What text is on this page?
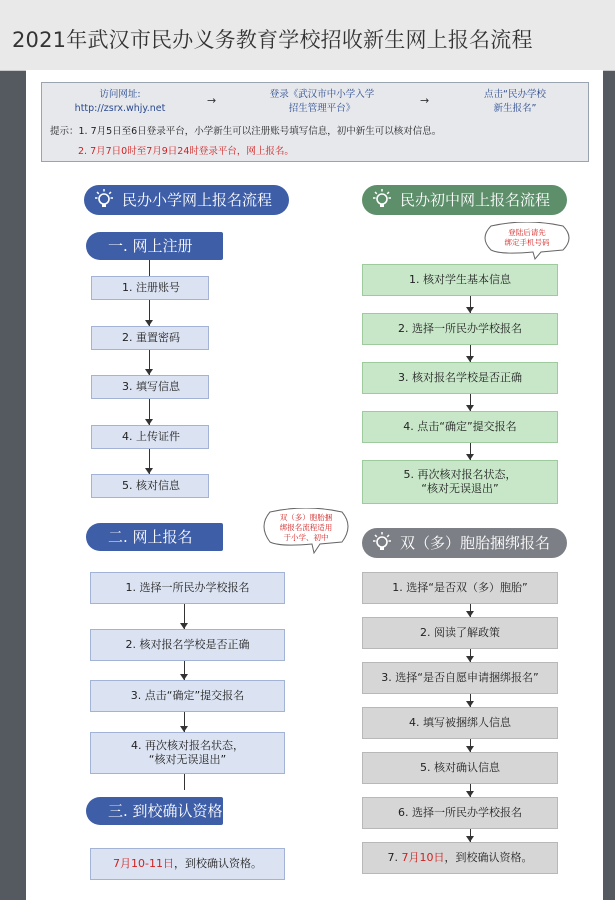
2021年武汉市民办义务教育学校招收新生网上报名流程
访问网址:
http://zsrx.whjy.net
→	登录《武汉市中小学入学
招生管理平台》
→	点击“民办学校
新生报名”
提示：1. 7月5日至6日登录平台，小学新生可以注册账号填写信息，初中新生可以核对信息。
2. 7月7日0时至7月9日24时登录平台，网上报名。
民办小学网上报名流程	民办初中网上报名流程
登陆后请先
绑定手机号码
一. 网上注册
1. 注册账号
2. 重置密码
3. 填写信息
4. 上传证件
5. 核对信息
1. 核对学生基本信息
2. 选择一所民办学校报名
3. 核对报名学校是否正确
4. 点击“确定”提交报名
5. 再次核对报名状态，
“核对无误退出”
二. 网上报名
双（多）胞胎捆
绑报名流程适用
于小学、初中	双（多）胞胎捆绑报名
1. 选择一所民办学校报名
2. 核对报名学校是否正确
3. 点击“确定”提交报名
4. 再次核对报名状态，
“核对无误退出”
1. 选择“是否双（多）胞胎”
2. 阅读了解政策
3. 选择“是否自愿申请捆绑报名”
4. 填写被捆绑人信息
5. 核对确认信息
6. 选择一所民办学校报名
7. 7月10日，到校确认资格。
三. 到校确认资格
7月10-11日，到校确认资格。
